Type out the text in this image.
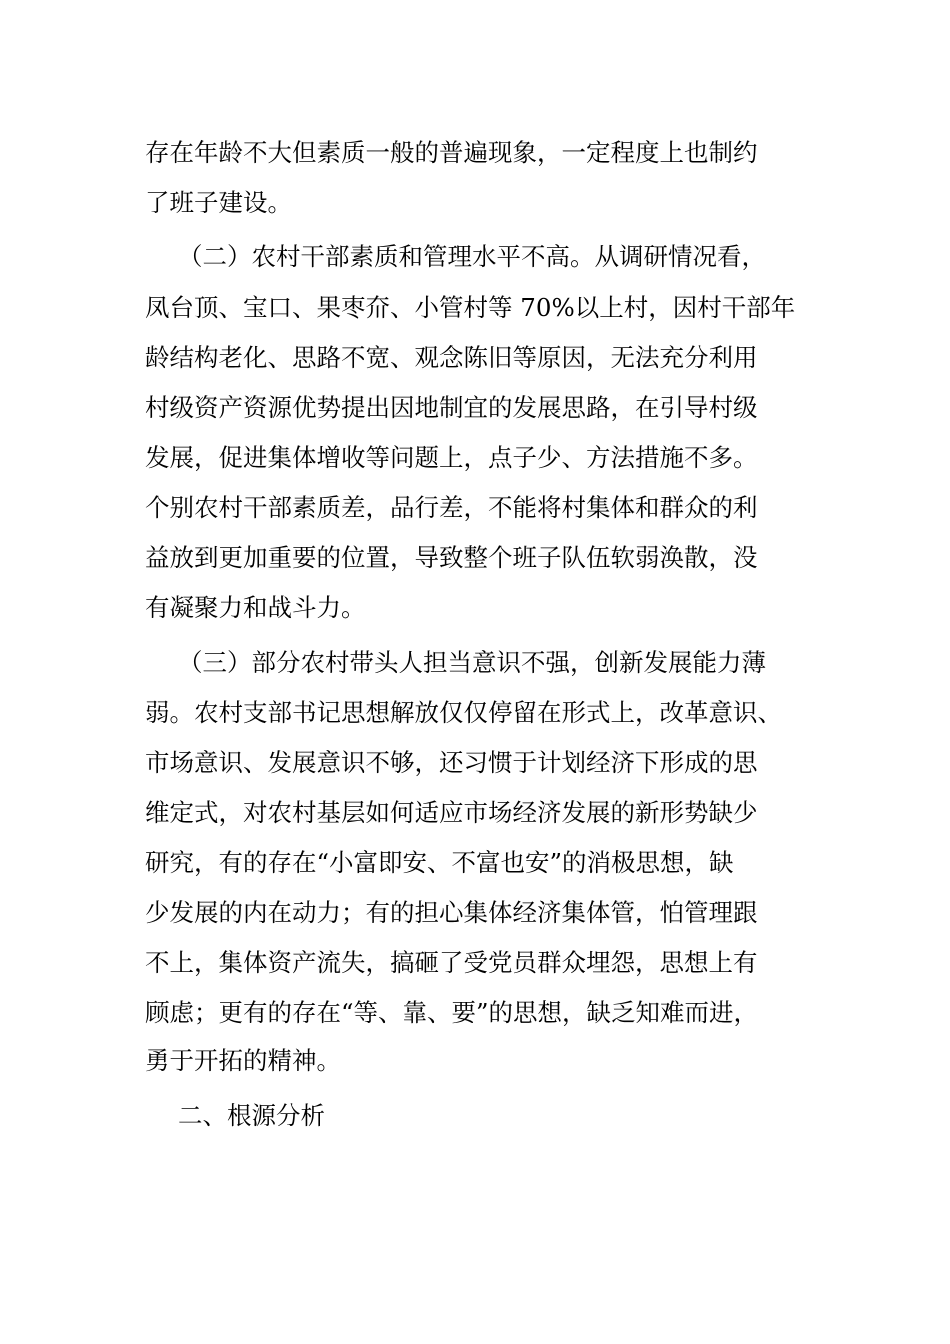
存在年龄不大但素质一般的普遍现象，一定程度上也制约
了班子建设。
（二）农村干部素质和管理水平不高。从调研情况看，
凤台顶、宝口、果枣夼、小管村等 70%以上村，因村干部年
龄结构老化、思路不宽、观念陈旧等原因，无法充分利用
村级资产资源优势提出因地制宜的发展思路，在引导村级
发展，促进集体增收等问题上，点子少、方法措施不多。
个别农村干部素质差，品行差，不能将村集体和群众的利
益放到更加重要的位置，导致整个班子队伍软弱涣散，没
有凝聚力和战斗力。
（三）部分农村带头人担当意识不强，创新发展能力薄
弱。农村支部书记思想解放仅仅停留在形式上，改革意识、
市场意识、发展意识不够，还习惯于计划经济下形成的思
维定式，对农村基层如何适应市场经济发展的新形势缺少
研究，有的存在“小富即安、不富也安”的消极思想，缺
少发展的内在动力；有的担心集体经济集体管，怕管理跟
不上，集体资产流失，搞砸了受党员群众埋怨，思想上有
顾虑；更有的存在“等、靠、要”的思想，缺乏知难而进，
勇于开拓的精神。
二、根源分析
